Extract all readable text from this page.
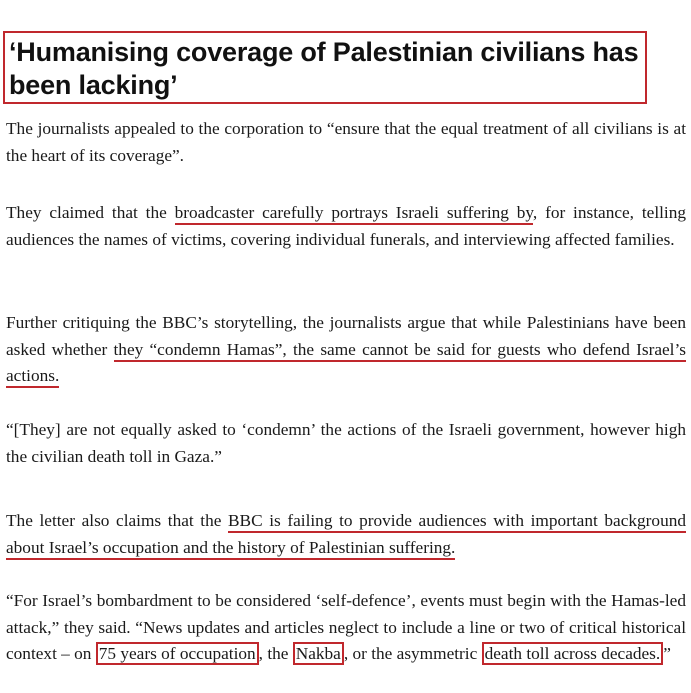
‘Humanising coverage of Palestinian civilians has been lacking’

The journalists appealed to the corporation to “ensure that the equal treatment of all civilians is at the heart of its coverage”.

They claimed that the broadcaster carefully portrays Israeli suffering by, for instance, telling audiences the names of victims, covering individual funerals, and interviewing affected families.

Further critiquing the BBC’s storytelling, the journalists argue that while Palestinians have been asked whether they “condemn Hamas”, the same cannot be said for guests who defend Israel’s actions.

“[They] are not equally asked to ‘condemn’ the actions of the Israeli government, however high the civilian death toll in Gaza.”

The letter also claims that the BBC is failing to provide audiences with important background about Israel’s occupation and the history of Palestinian suffering.

“For Israel’s bombardment to be considered ‘self-defence’, events must begin with the Hamas-led attack,” they said. “News updates and articles neglect to include a line or two of critical historical context – on 75 years of occupation , the Nakba , or the asymmetric death toll across decades. ”
